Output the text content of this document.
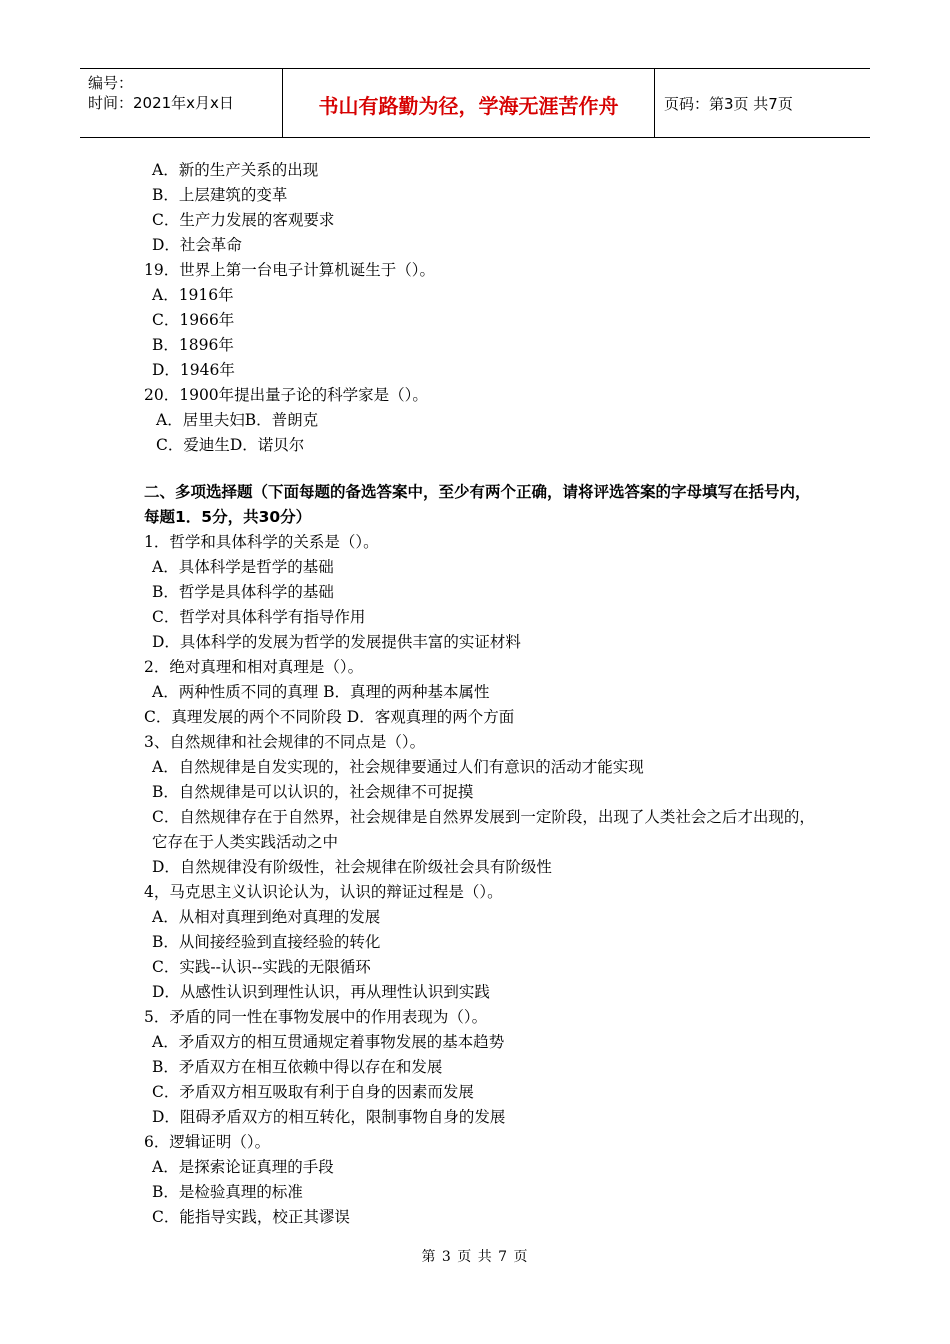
编号：
时间：2021年x月x日	书山有路勤为径，学海无涯苦作舟	页码：第3页 共7页
A．新的生产关系的出现
B．上层建筑的变革
C．生产力发展的客观要求
D．社会革命
19．世界上第一台电子计算机诞生于（）。
A．1916年
C．1966年
B．1896年
D．1946年
20．1900年提出量子论的科学家是（）。
A．居里夫妇B．普朗克
C．爱迪生D．诺贝尔
二、多项选择题（下面每题的备选答案中，至少有两个正确，请将评选答案的字母填写在括号内，每题1．5分，共30分）
1．哲学和具体科学的关系是（）。
A．具体科学是哲学的基础
B．哲学是具体科学的基础
C．哲学对具体科学有指导作用
D．具体科学的发展为哲学的发展提供丰富的实证材料
2．绝对真理和相对真理是（）。
A．两种性质不同的真理 B．真理的两种基本属性
C．真理发展的两个不同阶段 D．客观真理的两个方面
3、自然规律和社会规律的不同点是（）。
A．自然规律是自发实现的，社会规律要通过人们有意识的活动才能实现
B．自然规律是可以认识的，社会规律不可捉摸
C．自然规律存在于自然界，社会规律是自然界发展到一定阶段，出现了人类社会之后才出现的，它存在于人类实践活动之中
D．自然规律没有阶级性，社会规律在阶级社会具有阶级性
4，马克思主义认识论认为，认识的辩证过程是（）。
A．从相对真理到绝对真理的发展
B．从间接经验到直接经验的转化
C．实践--认识--实践的无限循环
D．从感性认识到理性认识，再从理性认识到实践
5．矛盾的同一性在事物发展中的作用表现为（）。
A．矛盾双方的相互贯通规定着事物发展的基本趋势
B．矛盾双方在相互依赖中得以存在和发展
C．矛盾双方相互吸取有利于自身的因素而发展
D．阻碍矛盾双方的相互转化，限制事物自身的发展
6．逻辑证明（）。
A．是探索论证真理的手段
B．是检验真理的标准
C．能指导实践，校正其谬误
第 3 页 共 7 页
